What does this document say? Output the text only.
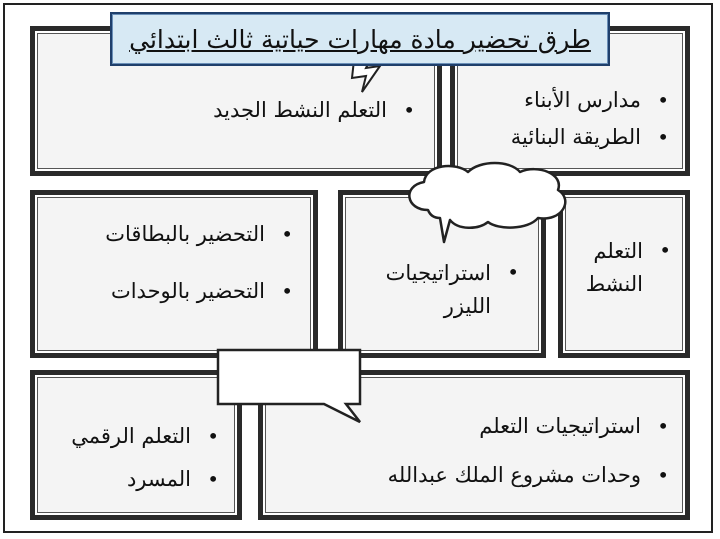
• التعلم النشط الجديد
•	مدارس الأبناء
• الطريقة البنائية
• التحضير بالبطاقات
• التحضير بالوحدات
• استراتيجيات الليزر
• التعلم النشط
• التعلم الرقمي
• المسرد
• استراتيجيات التعلم
• وحدات مشروع الملك عبدالله
طرق تحضير مادة مهارات حياتية ثالث ابتدائي
